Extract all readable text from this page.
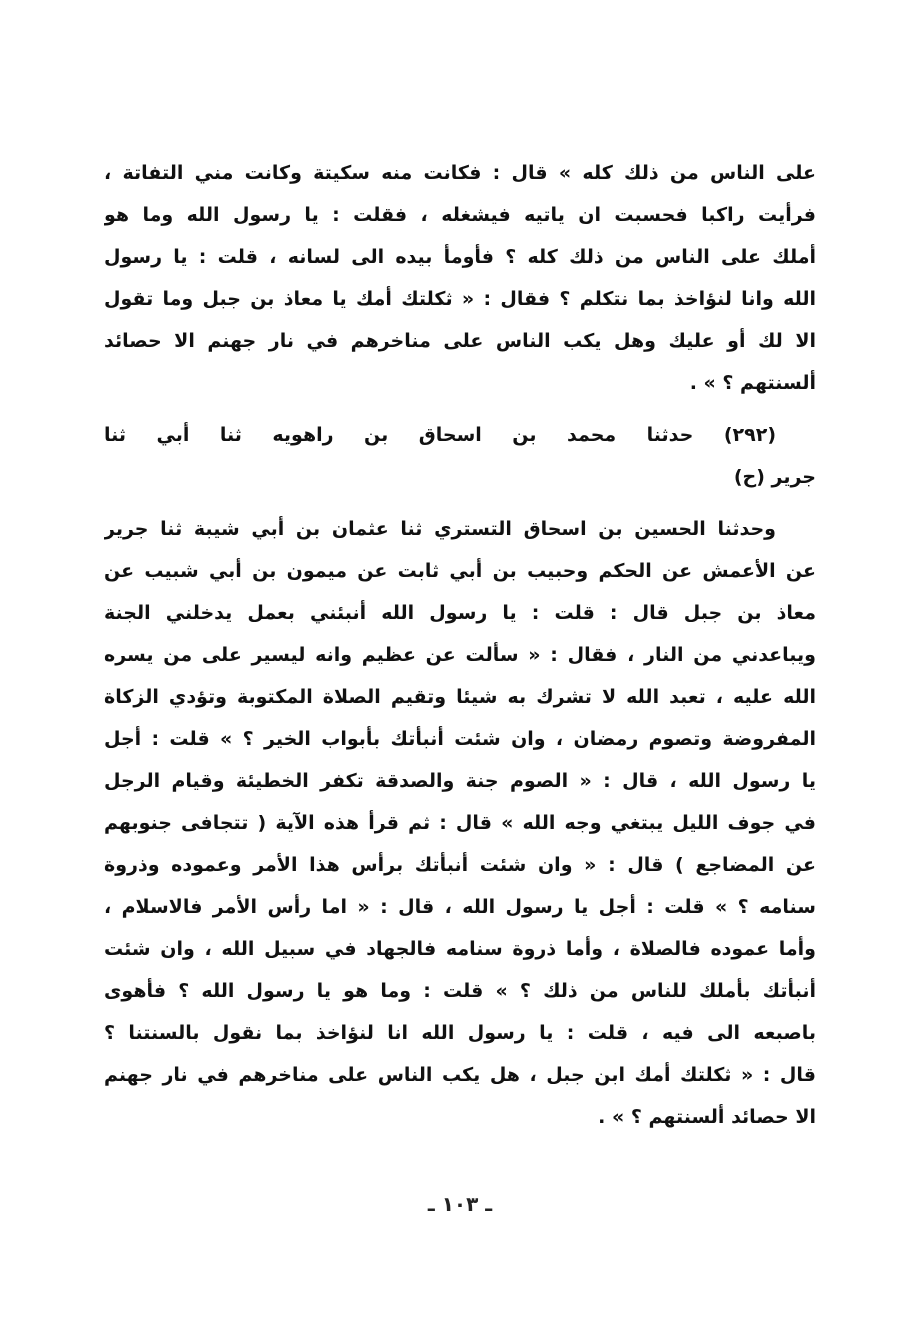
على الناس من ذلك كله » قال : فكانت منه سكيتة وكانت مني التفاتة ،
فرأيت راكبا فحسبت ان ياتيه فيشغله ، فقلت : يا رسول الله وما هو
أملك على الناس من ذلك كله ؟ فأومأ بيده الى لسانه ، قلت : يا رسول
الله وانا لنؤاخذ بما نتكلم ؟ فقال : « ثكلتك أمك يا معاذ بن جبل وما تقول
الا لك أو عليك وهل يكب الناس على مناخرهم في نار جهنم الا حصائد
ألسنتهم ؟ » .
(٢٩٢) حدثنا محمد بن اسحاق بن راهويه ثنا أبي ثنا
جرير (ح)
وحدثنا الحسين بن اسحاق التستري ثنا عثمان بن أبي شيبة ثنا جرير
عن الأعمش عن الحكم وحبيب بن أبي ثابت عن ميمون بن أبي شبيب عن
معاذ بن جبل قال : قلت : يا رسول الله أنبئني بعمل يدخلني الجنة
ويباعدني من النار ، فقال : « سألت عن عظيم وانه ليسير على من يسره
الله عليه ، تعبد الله لا تشرك به شيئا وتقيم الصلاة المكتوبة وتؤدي الزكاة
المفروضة وتصوم رمضان ، وان شئت أنبأتك بأبواب الخير ؟ » قلت : أجل
يا رسول الله ، قال : « الصوم جنة والصدقة تكفر الخطيئة وقيام الرجل
في جوف الليل يبتغي وجه الله » قال : ثم قرأ هذه الآية ( تتجافى جنوبهم
عن المضاجع ) قال : « وان شئت أنبأتك برأس هذا الأمر وعموده وذروة
سنامه ؟ » قلت : أجل يا رسول الله ، قال : « اما رأس الأمر فالاسلام ،
وأما عموده فالصلاة ، وأما ذروة سنامه فالجهاد في سبيل الله ، وان شئت
أنبأتك بأملك للناس من ذلك ؟ » قلت : وما هو يا رسول الله ؟ فأهوى
باصبعه الى فيه ، قلت : يا رسول الله انا لنؤاخذ بما نقول بالسنتنا ؟
قال : « ثكلتك أمك ابن جبل ، هل يكب الناس على مناخرهم في نار جهنم
الا حصائد ألسنتهم ؟ » .
ـ ١٠٣ ـ
